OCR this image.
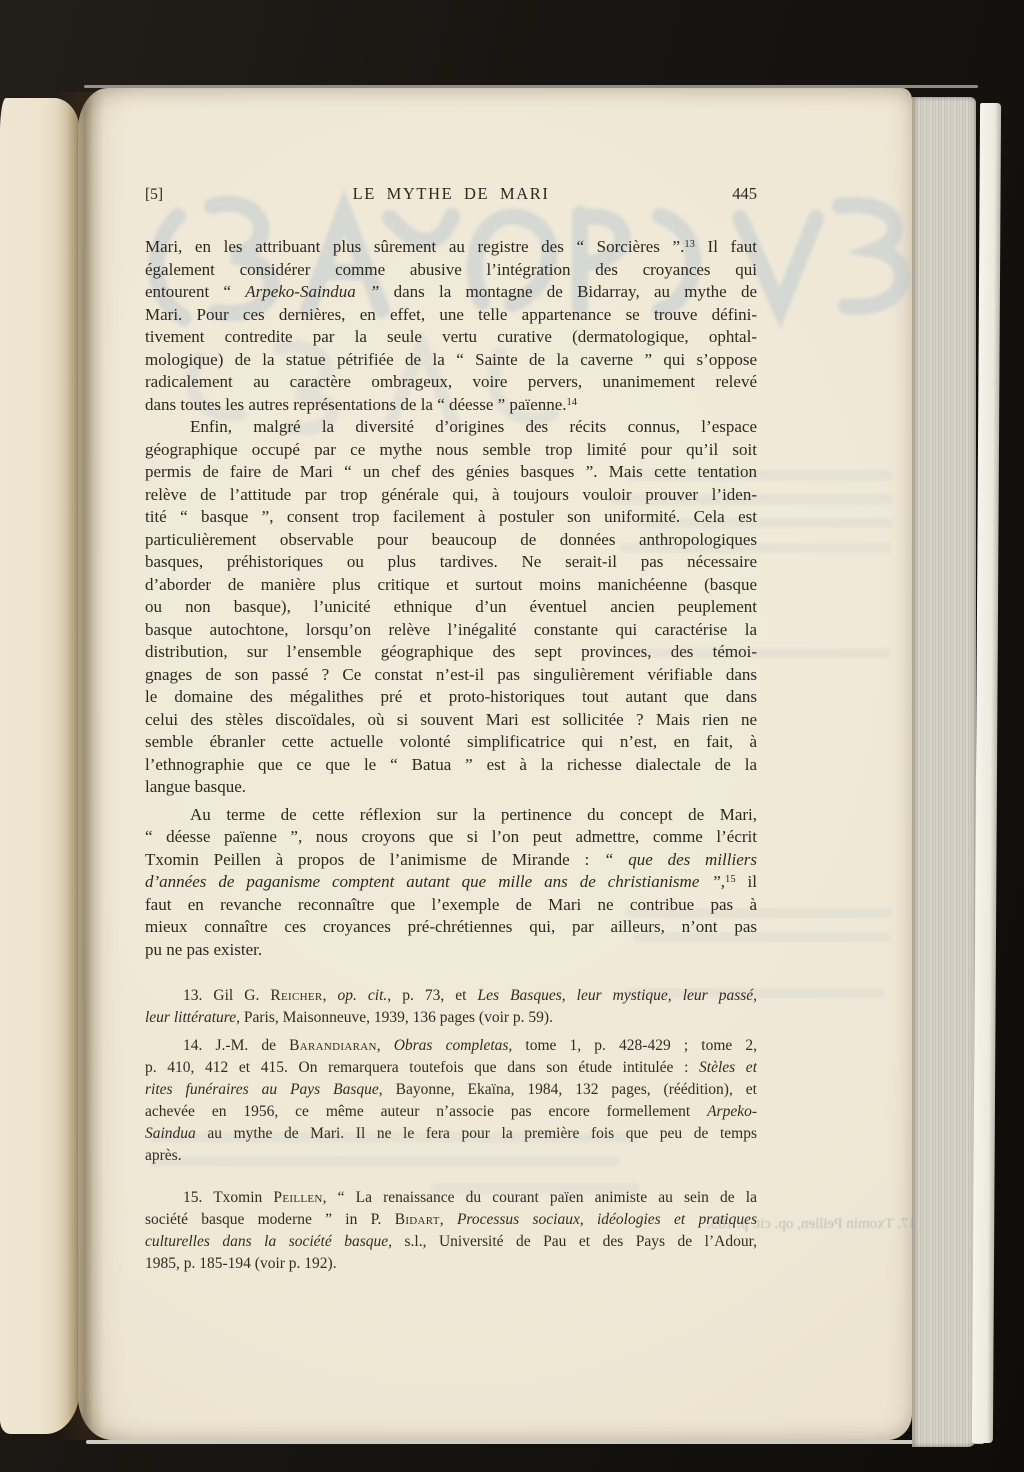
17. Txomin Peillen, op. cit. p. 185.
[5]	LE MYTHE DE MARI	445
Mari, en les attribuant plus sûrement au registre des “ Sorcières ”.$^{13}$ Il faut
également considérer comme abusive l’intégration des croyances qui
entourent “ Arpeko-Saindua ” dans la montagne de Bidarray, au mythe de
Mari. Pour ces dernières, en effet, une telle appartenance se trouve défini-
tivement contredite par la seule vertu curative (dermatologique, ophtal-
mologique) de la statue pétrifiée de la “ Sainte de la caverne ” qui s’oppose
radicalement au caractère ombrageux, voire pervers, unanimement relevé
dans toutes les autres représentations de la “ déesse ” païenne.$^{14}$
Enfin, malgré la diversité d’origines des récits connus, l’espace
géographique occupé par ce mythe nous semble trop limité pour qu’il soit
permis de faire de Mari “ un chef des génies basques ”. Mais cette tentation
relève de l’attitude par trop générale qui, à toujours vouloir prouver l’iden-
tité “ basque ”, consent trop facilement à postuler son uniformité. Cela est
particulièrement observable pour beaucoup de données anthropologiques
basques, préhistoriques ou plus tardives. Ne serait-il pas nécessaire
d’aborder de manière plus critique et surtout moins manichéenne (basque
ou non basque), l’unicité ethnique d’un éventuel ancien peuplement
basque autochtone, lorsqu’on relève l’inégalité constante qui caractérise la
distribution, sur l’ensemble géographique des sept provinces, des témoi-
gnages de son passé ? Ce constat n’est-il pas singulièrement vérifiable dans
le domaine des mégalithes pré et proto-historiques tout autant que dans
celui des stèles discoïdales, où si souvent Mari est sollicitée ? Mais rien ne
semble ébranler cette actuelle volonté simplificatrice qui n’est, en fait, à
l’ethnographie que ce que le “ Batua ” est à la richesse dialectale de la
langue basque.
Au terme de cette réflexion sur la pertinence du concept de Mari,
“ déesse païenne ”, nous croyons que si l’on peut admettre, comme l’écrit
Txomin Peillen à propos de l’animisme de Mirande : “ que des milliers
d’années de paganisme comptent autant que mille ans de christianisme ”,$^{15}$ il
faut en revanche reconnaître que l’exemple de Mari ne contribue pas à
mieux connaître ces croyances pré-chrétiennes qui, par ailleurs, n’ont pas
pu ne pas exister.
13. Gil G. Reicher, op. cit., p. 73, et Les Basques, leur mystique, leur passé,
leur littérature, Paris, Maisonneuve, 1939, 136 pages (voir p. 59).
14. J.-M. de Barandiaran, Obras completas, tome 1, p. 428-429 ; tome 2,
p. 410, 412 et 415. On remarquera toutefois que dans son étude intitulée : Stèles et
rites funéraires au Pays Basque, Bayonne, Ekaïna, 1984, 132 pages, (réédition), et
achevée en 1956, ce même auteur n’associe pas encore formellement Arpeko-
Saindua au mythe de Mari. Il ne le fera pour la première fois que peu de temps
après.
15. Txomin Peillen, “ La renaissance du courant païen animiste au sein de la
société basque moderne ” in P. Bidart, Processus sociaux, idéologies et pratiques
culturelles dans la société basque, s.l., Université de Pau et des Pays de l’Adour,
1985, p. 185-194 (voir p. 192).
